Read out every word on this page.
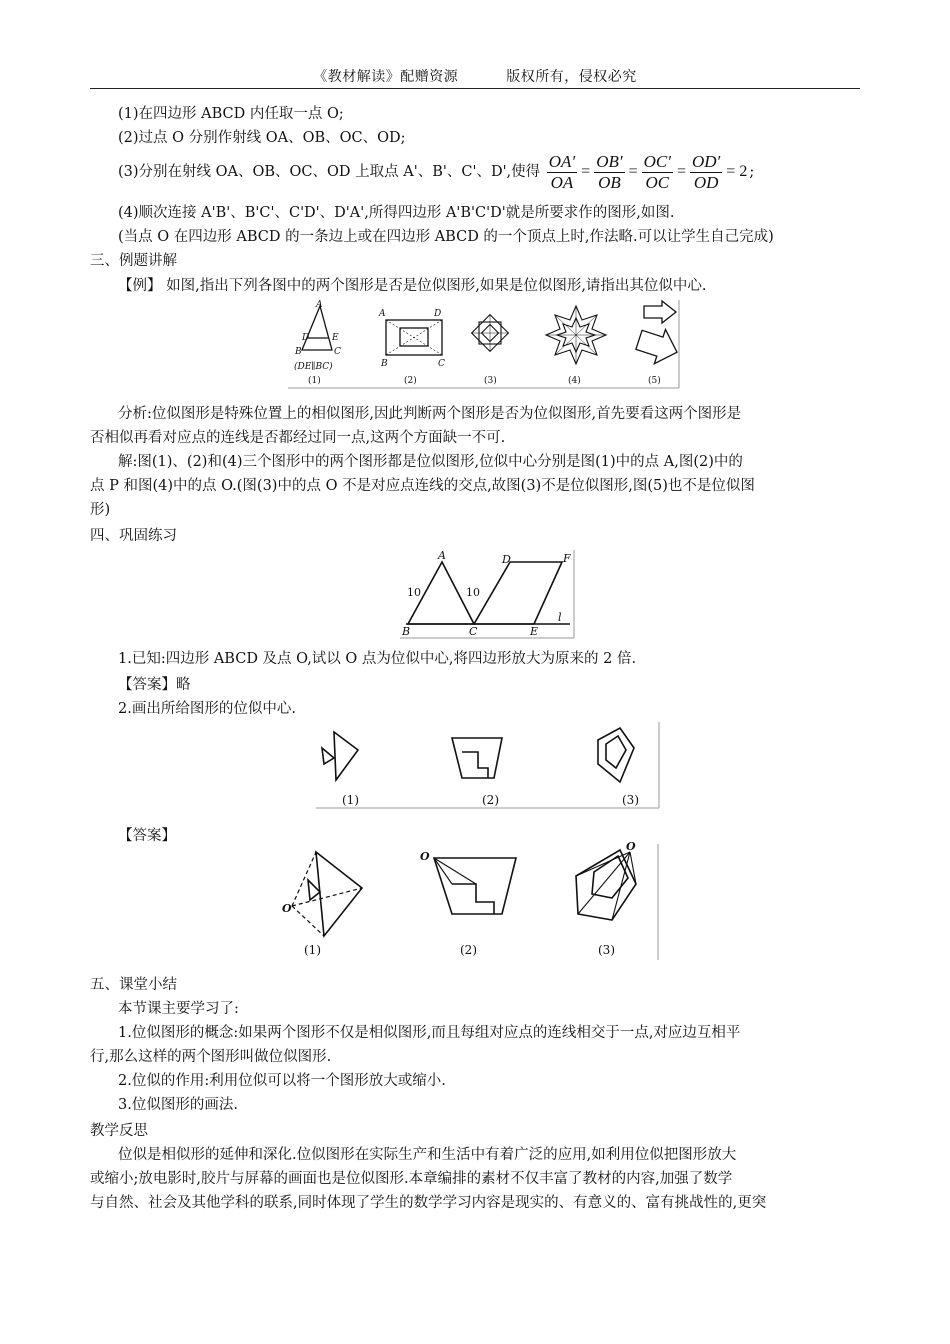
《教材解读》配赠资源	版权所有，侵权必究
(1)在四边形 ABCD 内任取一点 O;
(2)过点 O 分别作射线 OA、OB、OC、OD;
(3)分别在射线 OA、OB、OC、OD 上取点 A'、B'、C'、D',使得 $\frac{OA'}{OA} = \frac{OB'}{OB} = \frac{OC'}{OC} = \frac{OD'}{OD} = 2$ ;
(4)顺次连接 A'B'、B'C'、C'D'、D'A',所得四边形 A'B'C'D'就是所要求作的图形,如图.
(当点 O 在四边形 ABCD 的一条边上或在四边形 ABCD 的一个顶点上时,作法略.可以让学生自己完成)
三、例题讲解
【例】 如图,指出下列各图中的两个图形是否是位似图形,如果是位似图形,请指出其位似中心.
A
D	E
B	C
A	D
B	C
(DE∥BC)
(1)	(2)	(3)	(4)	(5)
分析:位似图形是特殊位置上的相似图形,因此判断两个图形是否为位似图形,首先要看这两个图形是
否相似再看对应点的连线是否都经过同一点,这两个方面缺一不可.
解:图(1)、(2)和(4)三个图形中的两个图形都是位似图形,位似中心分别是图(1)中的点 A,图(2)中的
点 P 和图(4)中的点 O.(图(3)中的点 O 不是对应点连线的交点,故图(3)不是位似图形,图(5)也不是位似图
形)
四、巩固练习
A
B	C
D	F
E
l
10	10
1.已知:四边形 ABCD 及点 O,试以 O 点为位似中心,将四边形放大为原来的 2 倍.
【答案】略
2.画出所给图形的位似中心.
(1)	(2)	(3)
【答案】
O
O
O
(1)	(2)	(3)
五、课堂小结
本节课主要学习了:
1.位似图形的概念:如果两个图形不仅是相似图形,而且每组对应点的连线相交于一点,对应边互相平
行,那么这样的两个图形叫做位似图形.
2.位似的作用:利用位似可以将一个图形放大或缩小.
3.位似图形的画法.
教学反思
位似是相似形的延伸和深化.位似图形在实际生产和生活中有着广泛的应用,如利用位似把图形放大
或缩小;放电影时,胶片与屏幕的画面也是位似图形.本章编排的素材不仅丰富了教材的内容,加强了数学
与自然、社会及其他学科的联系,同时体现了学生的数学学习内容是现实的、有意义的、富有挑战性的,更突
